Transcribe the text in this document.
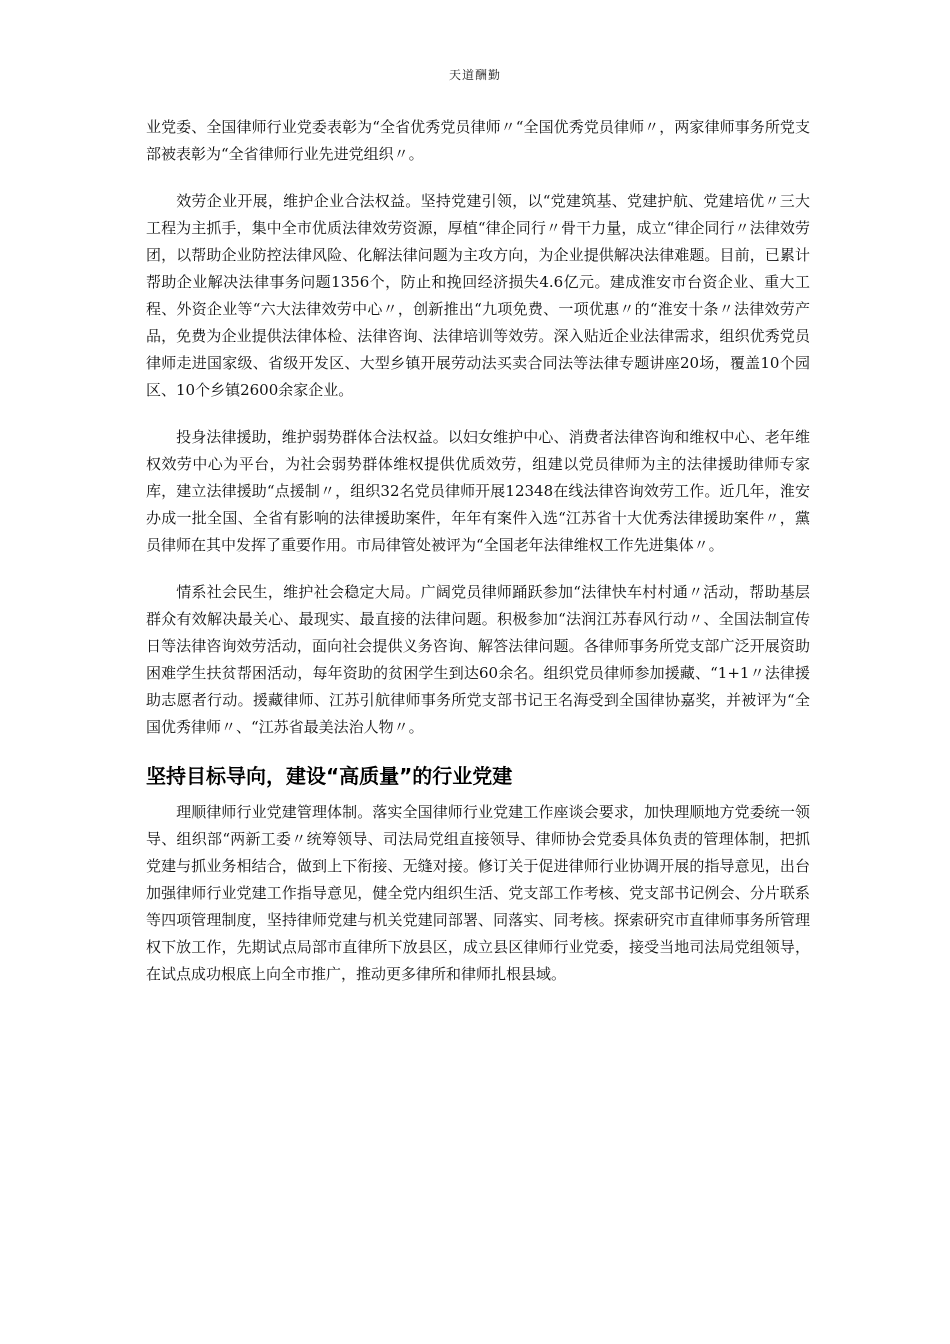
天道酬勤

业党委、全国律师行业党委表彰为“全省优秀党员律师〃“全国优秀党员律师〃，两家律师事务所党支部被表彰为“全省律师行业先进党组织〃。

效劳企业开展，维护企业合法权益。坚持党建引领，以“党建筑基、党建护航、党建培优〃三大工程为主抓手，集中全市优质法律效劳资源，厚植“律企同行〃骨干力量，成立“律企同行〃法律效劳团，以帮助企业防控法律风险、化解法律问题为主攻方向，为企业提供解决法律难题。目前，已累计帮助企业解决法律事务问题1356个，防止和挽回经济损失4.6亿元。建成淮安市台资企业、重大工程、外资企业等“六大法律效劳中心〃，创新推出“九项免费、一项优惠〃的“淮安十条〃法律效劳产品，免费为企业提供法律体检、法律咨询、法律培训等效劳。深入贴近企业法律需求，组织优秀党员律师走进国家级、省级开发区、大型乡镇开展劳动法买卖合同法等法律专题讲座20场，覆盖10个园区、10个乡镇2600余家企业。

投身法律援助，维护弱势群体合法权益。以妇女维护中心、消费者法律咨询和维权中心、老年维权效劳中心为平台，为社会弱势群体维权提供优质效劳，组建以党员律师为主的法律援助律师专家库，建立法律援助“点援制〃，组织32名党员律师开展12348在线法律咨询效劳工作。近几年，淮安办成一批全国、全省有影响的法律援助案件，年年有案件入选“江苏省十大优秀法律援助案件〃，黨员律师在其中发挥了重要作用。市局律管处被评为“全国老年法律维权工作先进集体〃。

情系社会民生，维护社会稳定大局。广阔党员律师踊跃参加“法律快车村村通〃活动，帮助基层群众有效解决最关心、最现实、最直接的法律问题。积极参加“法润江苏春风行动〃、全国法制宣传日等法律咨询效劳活动，面向社会提供义务咨询、解答法律问题。各律师事务所党支部广泛开展资助困难学生扶贫帮困活动，每年资助的贫困学生到达60余名。组织党员律师参加援藏、“1+1〃法律援助志愿者行动。援藏律师、江苏引航律师事务所党支部书记王名海受到全国律协嘉奖，并被评为“全国优秀律师〃、“江苏省最美法治人物〃。

坚持目标导向，建设“高质量”的行业党建

理顺律师行业党建管理体制。落实全国律师行业党建工作座谈会要求，加快理顺地方党委统一领导、组织部“两新工委〃统筹领导、司法局党组直接领导、律师协会党委具体负责的管理体制，把抓党建与抓业务相结合，做到上下衔接、无缝对接。修订关于促进律师行业协调开展的指导意见，出台加强律师行业党建工作指导意见，健全党内组织生活、党支部工作考核、党支部书记例会、分片联系等四项管理制度，坚持律师党建与机关党建同部署、同落实、同考核。探索研究市直律师事务所管理权下放工作，先期试点局部市直律所下放县区，成立县区律师行业党委，接受当地司法局党组领导，在试点成功根底上向全市推广，推动更多律所和律师扎根县域。
